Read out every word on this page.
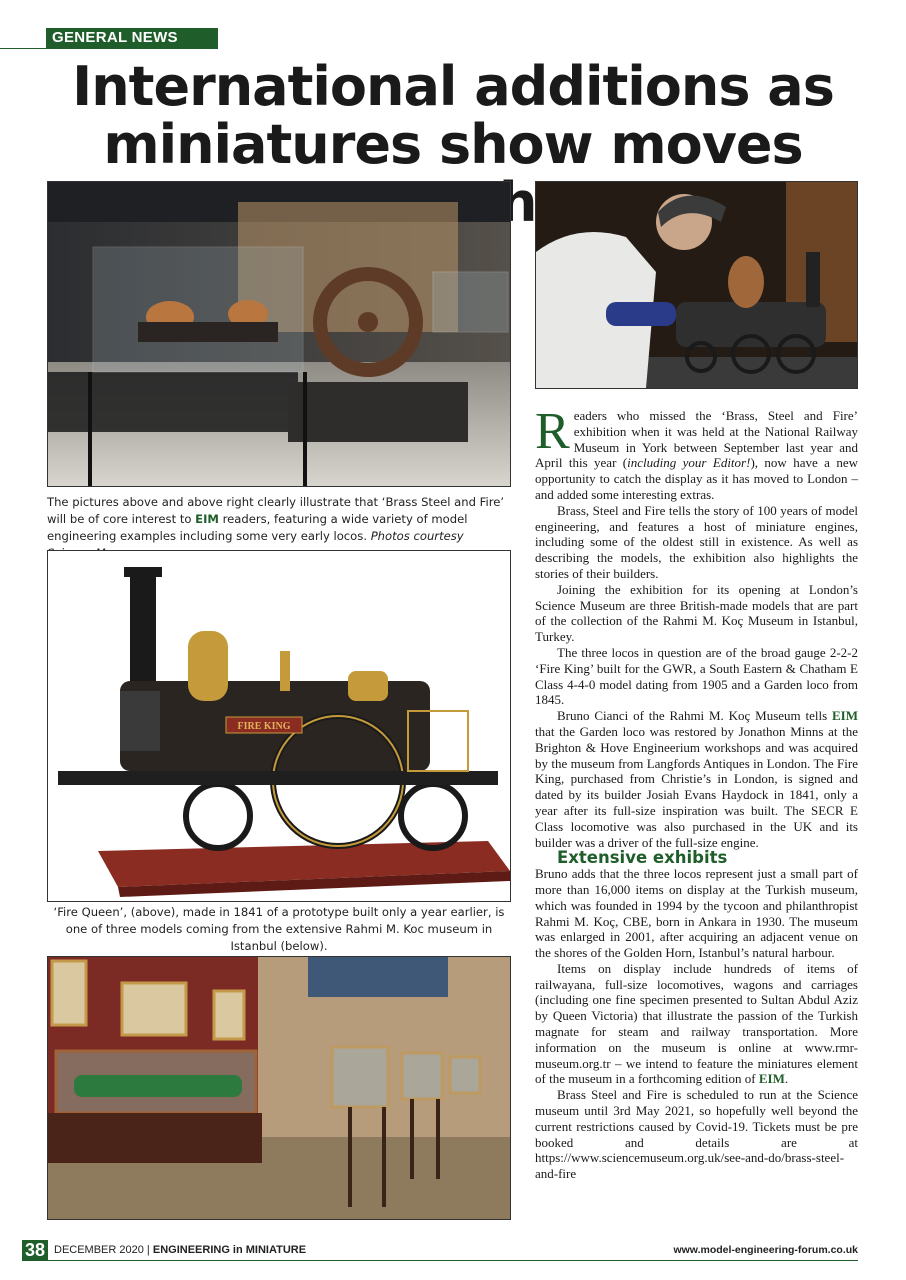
GENERAL NEWS
International additions as miniatures show moves
The pictures above and above right clearly illustrate that ‘Brass Steel and Fire’ will be of core interest to EIM readers, featuring a wide variety of model engineering examples including some very early locos. Photos courtesy
FIRE KING
‘Fire Queen’, (above), made in 1841 of a prototype built only a year earlier, is one of three models coming from the extensive Rahmi M. Koc museum in Istanbul (below).

Readers who missed the ‘Brass, Steel and Fire’ exhibition when it was held at the National Railway Museum in York between September last year and April this year (including your Editor!), now have a new opportunity to catch the display as it has moved to London – and added some interesting extras.

Brass, Steel and Fire tells the story of 100 years of model engineering, and features a host of miniature engines, including some of the oldest still in existence. As well as describing the models, the exhibition also highlights the stories of their builders.

Joining the exhibition for its opening at London’s Science Museum are three British-made models that are part of the collection of the Rahmi M. Koç Museum in Istanbul, Turkey.

The three locos in question are of the broad gauge 2-2-2 ‘Fire King’ built for the GWR, a South Eastern & Chatham E Class 4-4-0 model dating from 1905 and a Garden loco from 1845.

Bruno Cianci of the Rahmi M. Koç Museum tells EIM that the Garden loco was restored by Jonathon Minns at the Brighton & Hove Engineerium workshops and was acquired by the museum from Langfords Antiques in London. The Fire King, purchased from Christie’s in London, is signed and dated by its builder Josiah Evans Haydock in 1841, only a year after its full-size inspiration was built. The SECR E Class locomotive was also purchased in the UK and its builder was a driver of the full-size engine.

Extensive exhibits

Bruno adds that the three locos represent just a small part of more than 16,000 items on display at the Turkish museum, which was founded in 1994 by the tycoon and philanthropist Rahmi M. Koç, CBE, born in Ankara in 1930. The museum was enlarged in 2001, after acquiring an adjacent venue on the shores of the Golden Horn, Istanbul’s natural harbour.

Items on display include hundreds of items of railwayana, full-size locomotives, wagons and carriages (including one fine specimen presented to Sultan Abdul Aziz by Queen Victoria) that illustrate the passion of the Turkish magnate for steam and railway transportation. More information on the museum is online at www.rmr-museum.org.tr – we intend to feature the miniatures element of the museum in a forthcoming edition of EIM.

Brass Steel and Fire is scheduled to run at the Science museum until 3rd May 2021, so hopefully well beyond the current restrictions caused by Covid-19. Tickets must be pre booked and details are at https://www.sciencemuseum.org.uk/see-and-do/brass-steel-and-fire

38 DECEMBER 2020 | ENGINEERING in MINIATURE	www.model-engineering-forum.co.uk
